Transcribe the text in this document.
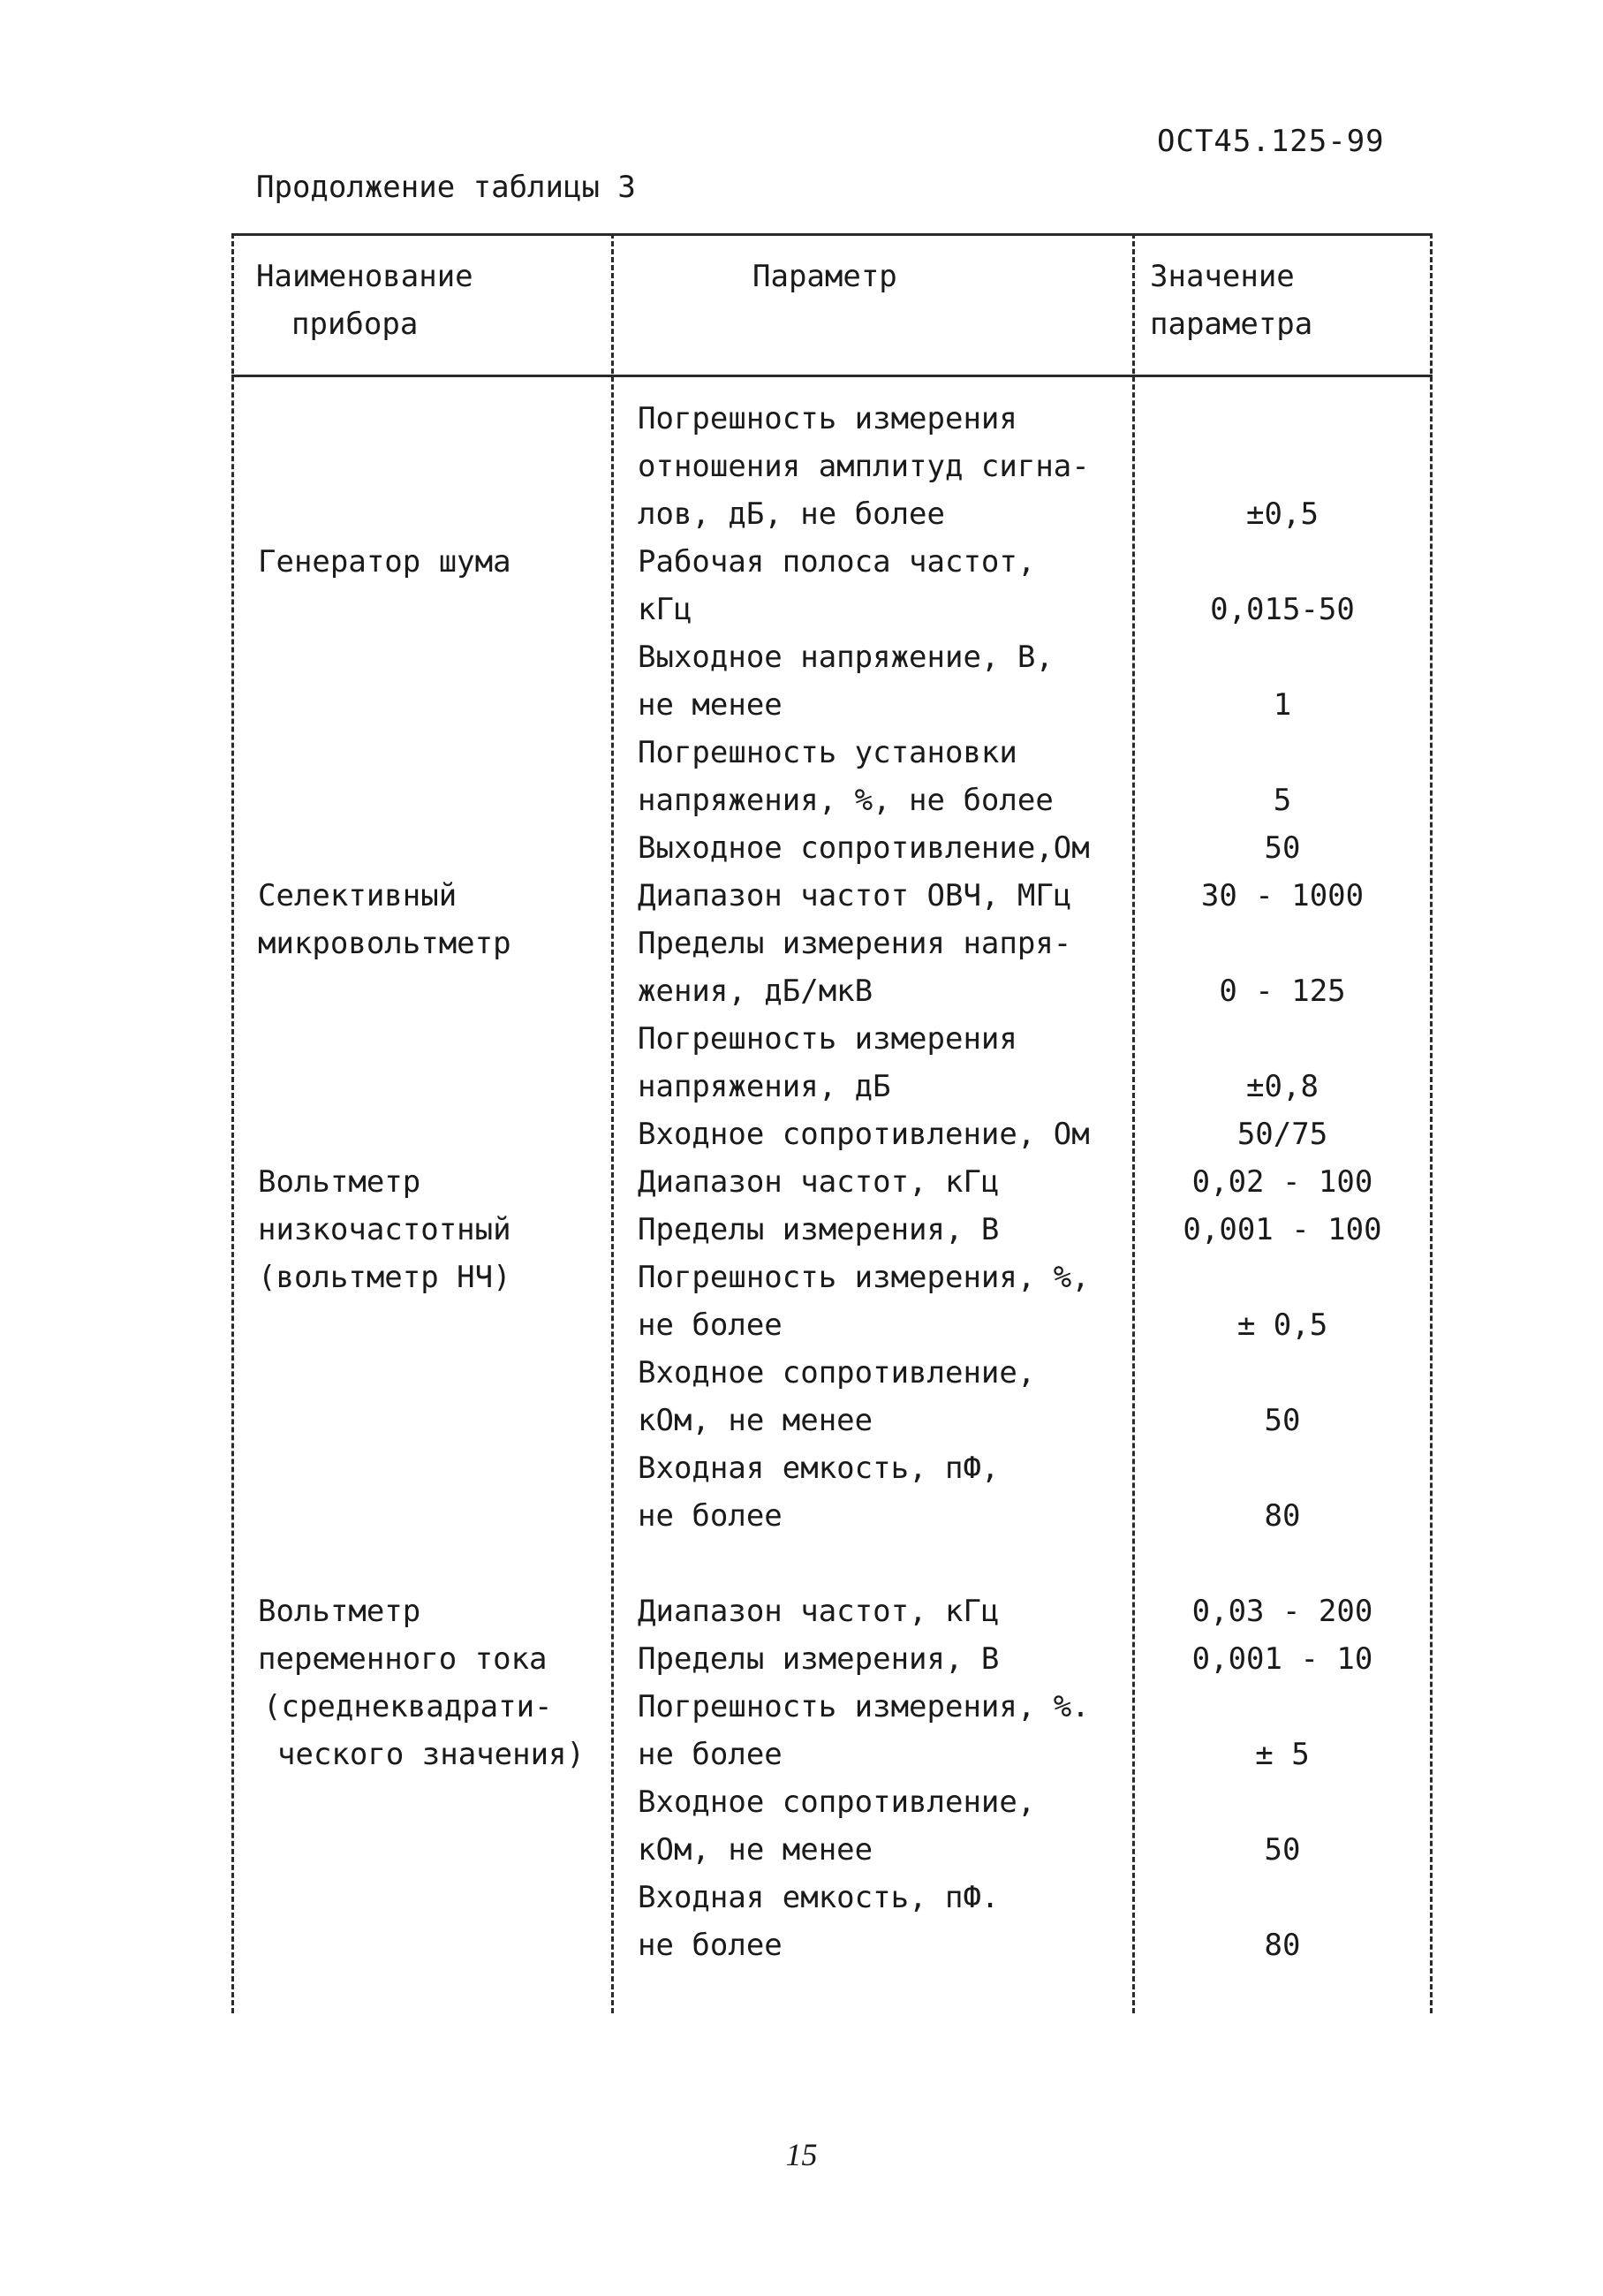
ОСТ45.125-99
Продолжение таблицы 3
Наименование
прибора
Параметр	Значение
параметра
Погрешность измерения
отношения амплитуд сигна-
лов, дБ, не более
Рабочая полоса частот,
кГц
Выходное напряжение, В,
не менее
Погрешность установки
напряжения, %, не более
Выходное сопротивление,Ом
Диапазон частот ОВЧ, МГц
Пределы измерения напря-
жения, дБ/мкВ
Погрешность измерения
напряжения, дБ
Входное сопротивление, Ом
Диапазон частот, кГц
Пределы измерения, В
Погрешность измерения, %,
не более
Входное сопротивление,
кОм, не менее
Входная емкость, пФ,
не более
Диапазон частот, кГц
Пределы измерения, В
Погрешность измерения, %.
не более
Входное сопротивление,
кОм, не менее
Входная емкость, пФ.
не более
±0,5
0,015-50
1
5
50
30 - 1000
0 - 125
±0,8
50/75
0,02 - 100
0,001 - 100
± 0,5
50
80
0,03 - 200
0,001 - 10
± 5
50
80
Генератор шума
Селективный
микровольтметр
Вольтметр
низкочастотный
(вольтметр НЧ)
Вольтметр
переменного тока
(среднеквадрати-
ческого значения)
15
